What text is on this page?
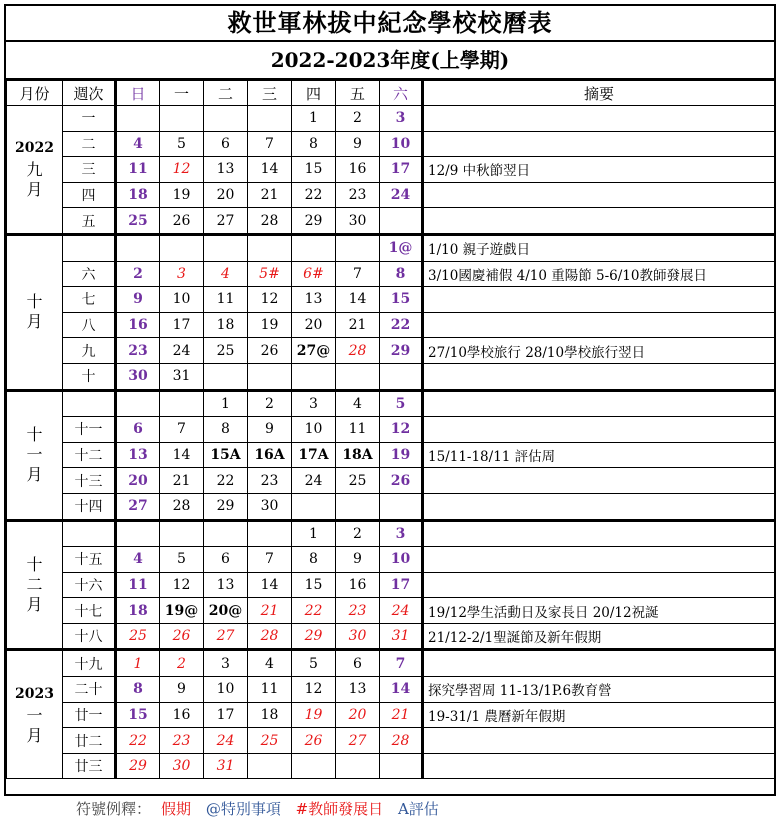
救世軍林拔中紀念學校校曆表
2022-2023年度(上學期)
月份	週次	日	一	二	三	四	五	六	摘要

2022
九
月	一					1	2	3	
	二	4	5	6	7	8	9	10	
	三	11	12	13	14	15	16	17	12/9 中秋節翌日
	四	18	19	20	21	22	23	24	
	五	25	26	27	28	29	30		

十
月								1@	1/10 親子遊戲日
	六	2	3	4	5#	6#	7	8	3/10國慶補假 4/10 重陽節 5-6/10教師發展日
	七	9	10	11	12	13	14	15	
	八	16	17	18	19	20	21	22	
	九	23	24	25	26	27@	28	29	27/10學校旅行 28/10學校旅行翌日
	十	30	31						

十
一
月				1	2	3	4	5	
	十一	6	7	8	9	10	11	12	
	十二	13	14	15A	16A	17A	18A	19	15/11-18/11 評估周
	十三	20	21	22	23	24	25	26	
	十四	27	28	29	30				

十
二
月						1	2	3	
	十五	4	5	6	7	8	9	10	
	十六	11	12	13	14	15	16	17	
	十七	18	19@	20@	21	22	23	24	19/12學生活動日及家長日 20/12祝誕
	十八	25	26	27	28	29	30	31	21/12-2/1聖誕節及新年假期

2023
一
月	十九	1	2	3	4	5	6	7	
	二十	8	9	10	11	12	13	14	探究學習周 11-13/1P.6教育營
	廿一	15	16	17	18	19	20	21	19-31/1 農曆新年假期
	廿二	22	23	24	25	26	27	28	
	廿三	29	30	31					
符號例釋： 假期 @特別事項 #教師發展日 A評估
